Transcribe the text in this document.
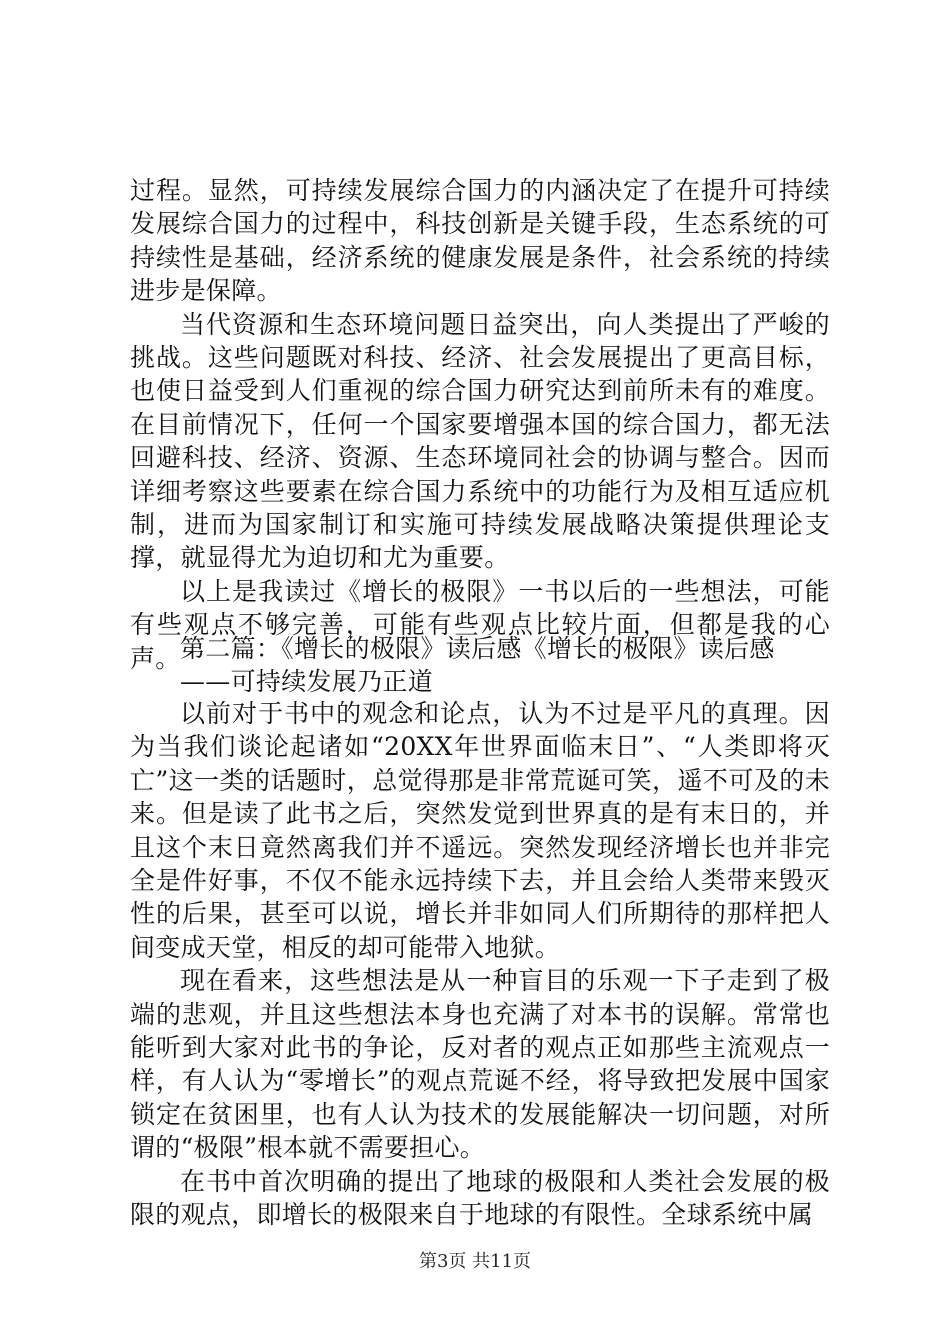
过程。显然，可持续发展综合国力的内涵决定了在提升可持续发展综合国力的过程中，科技创新是关键手段，生态系统的可持续性是基础，经济系统的健康发展是条件，社会系统的持续进步是保障。

当代资源和生态环境问题日益突出，向人类提出了严峻的挑战。这些问题既对科技、经济、社会发展提出了更高目标，也使日益受到人们重视的综合国力研究达到前所未有的难度。在目前情况下，任何一个国家要增强本国的综合国力，都无法回避科技、经济、资源、生态环境同社会的协调与整合。因而详细考察这些要素在综合国力系统中的功能行为及相互适应机制，进而为国家制订和实施可持续发展战略决策提供理论支撑，就显得尤为迫切和尤为重要。

以上是我读过《增长的极限》一书以后的一些想法，可能有些观点不够完善，可能有些观点比较片面，但都是我的心声。 第二篇：《增长的极限》读后感《增长的极限》读后感

——可持续发展乃正道

以前对于书中的观念和论点，认为不过是平凡的真理。因为当我们谈论起诸如“20XX年世界面临末日”、“人类即将灭亡”这一类的话题时，总觉得那是非常荒诞可笑，遥不可及的未来。但是读了此书之后，突然发觉到世界真的是有末日的，并且这个末日竟然离我们并不遥远。突然发现经济增长也并非完全是件好事，不仅不能永远持续下去，并且会给人类带来毁灭性的后果，甚至可以说，增长并非如同人们所期待的那样把人间变成天堂，相反的却可能带入地狱。

现在看来，这些想法是从一种盲目的乐观一下子走到了极端的悲观，并且这些想法本身也充满了对本书的误解。常常也能听到大家对此书的争论，反对者的观点正如那些主流观点一样，有人认为“零增长”的观点荒诞不经，将导致把发展中国家锁定在贫困里，也有人认为技术的发展能解决一切问题，对所谓的“极限”根本就不需要担心。

在书中首次明确的提出了地球的极限和人类社会发展的极限的观点，即增长的极限来自于地球的有限性。全球系统中属

第3页 共11页
